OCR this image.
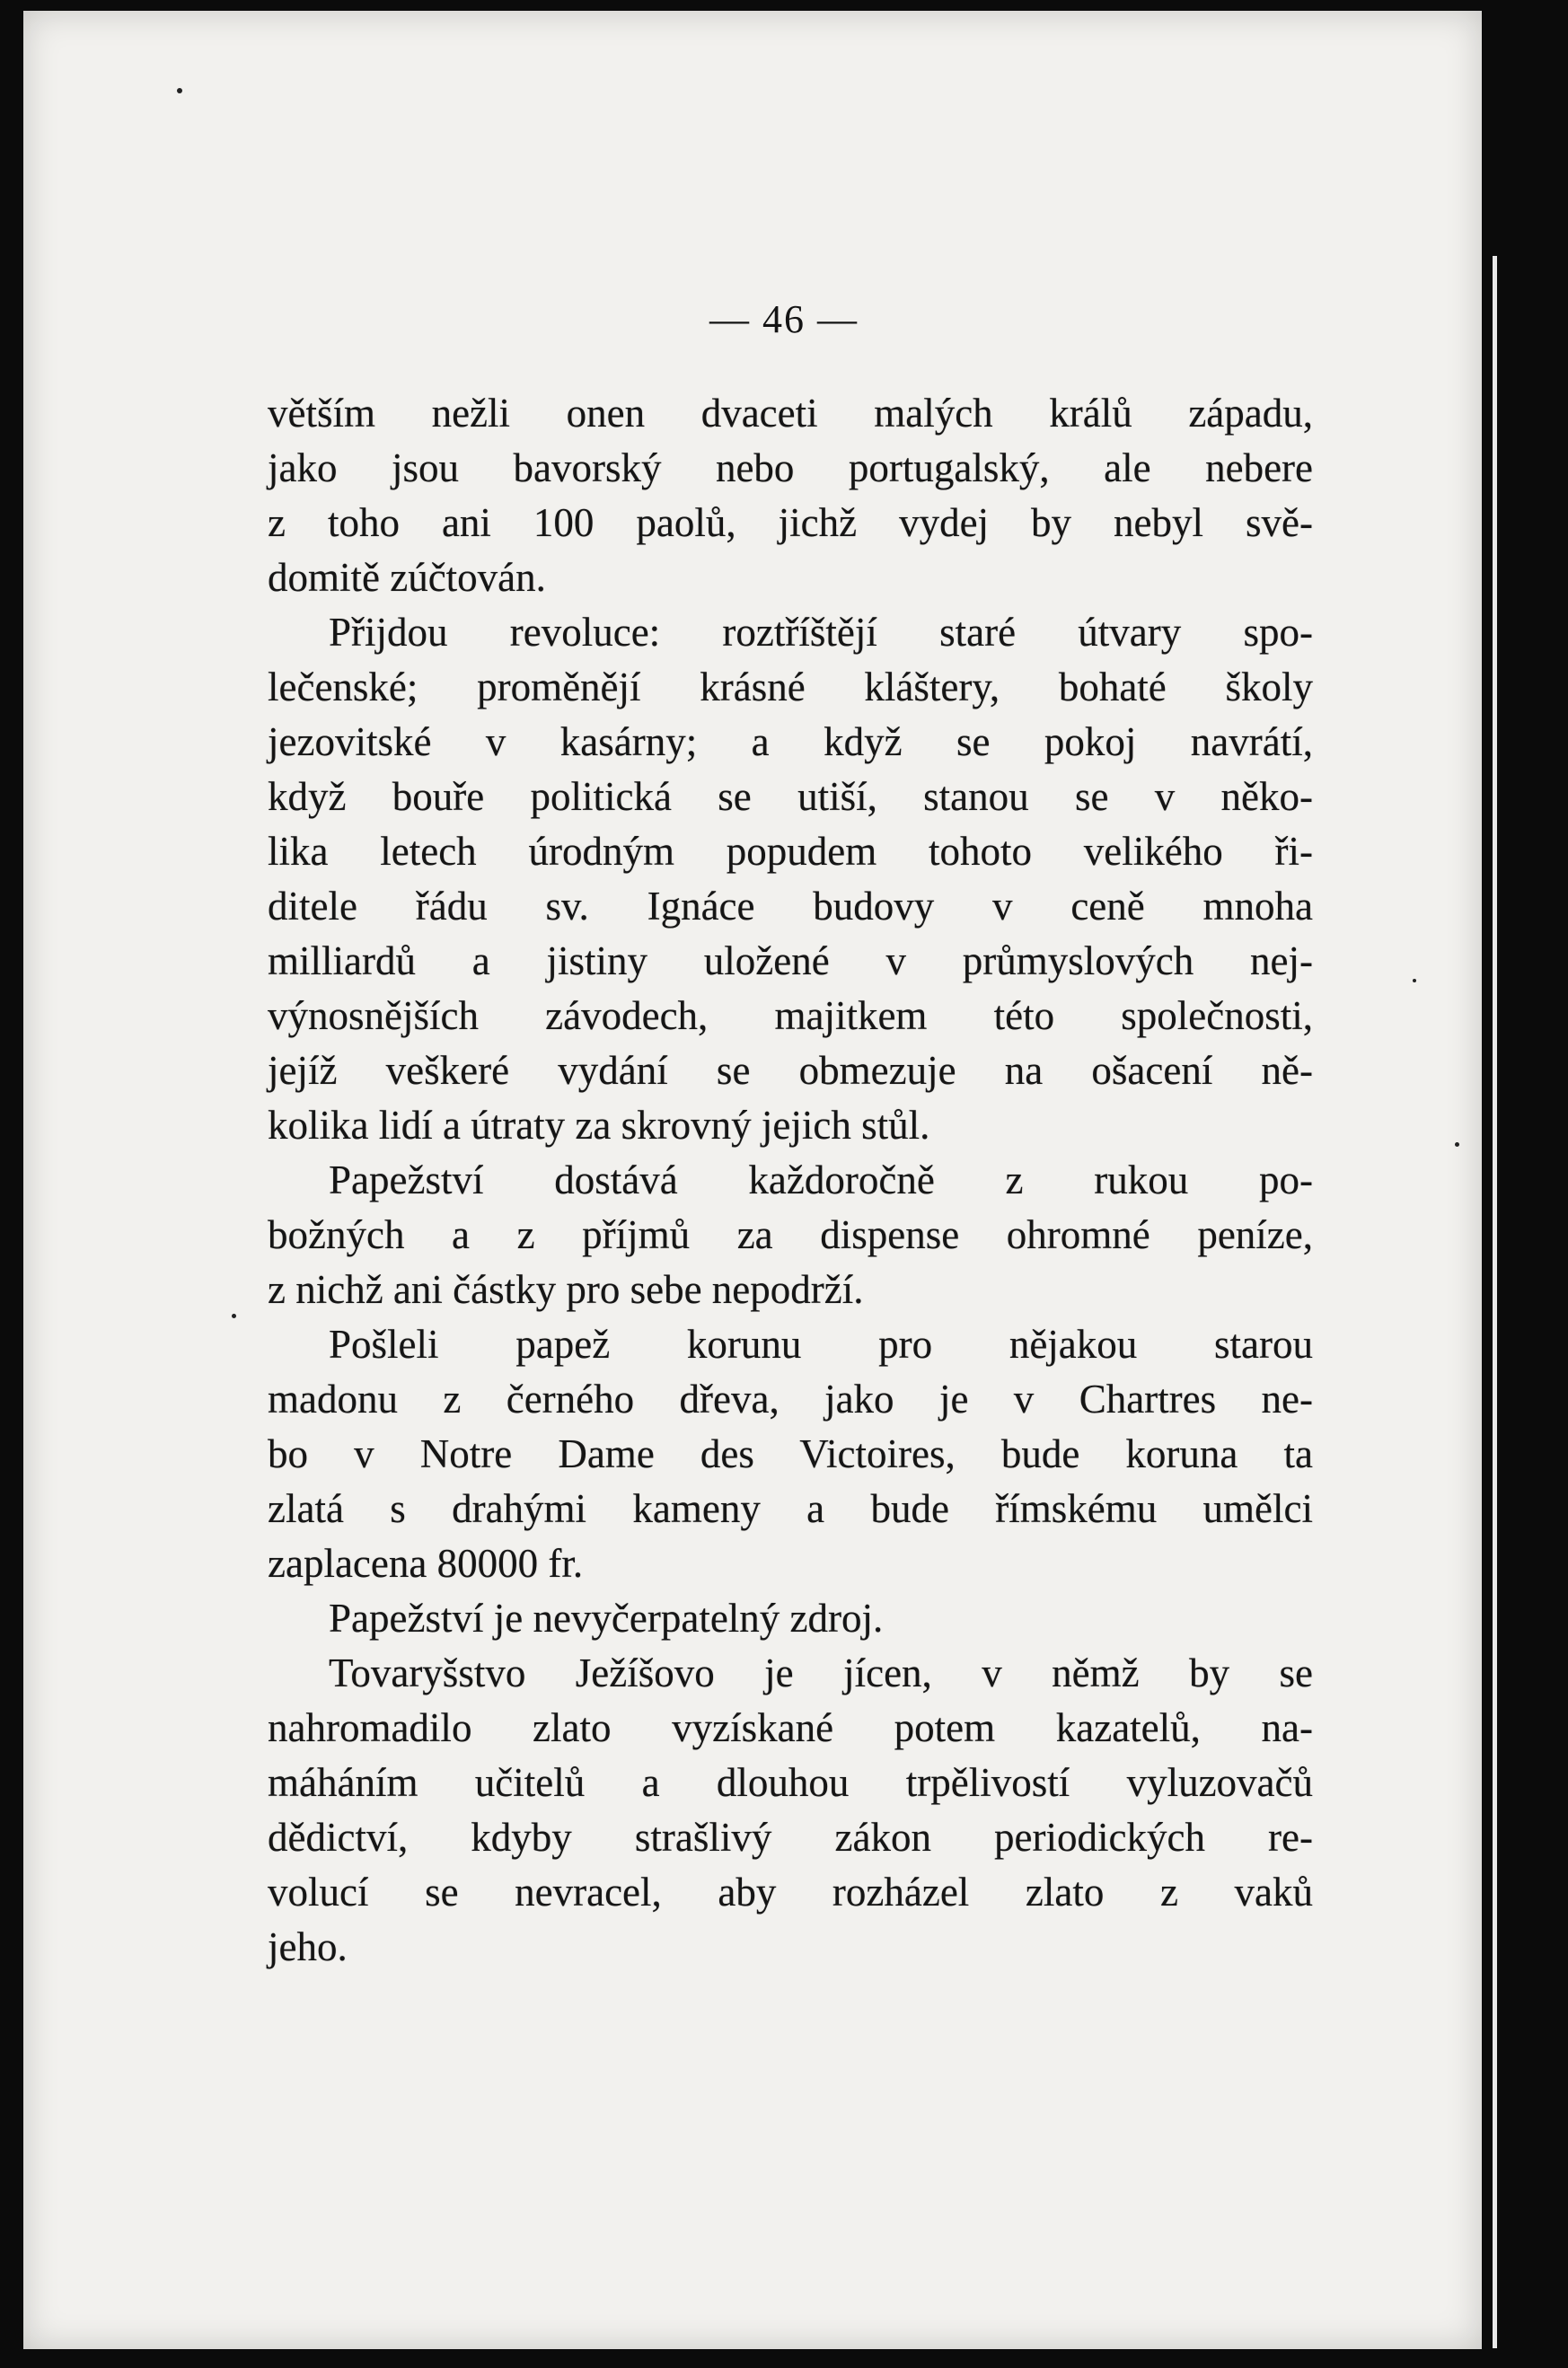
— 46 —
větším nežli onen dvaceti malých králů západu,
jako jsou bavorský nebo portugalský, ale nebere
z toho ani 100 paolů, jichž vydej by nebyl svě-
domitě zúčtován.
Přijdou revoluce: roztříštějí staré útvary spo-
lečenské; proměnějí krásné kláštery, bohaté školy
jezovitské v kasárny; a když se pokoj navrátí,
když bouře politická se utiší, stanou se v něko-
lika letech úrodným popudem tohoto velikého ři-
ditele řádu sv. Ignáce budovy v ceně mnoha
milliardů a jistiny uložené v průmyslových nej-
výnosnějších závodech, majitkem této společnosti,
jejíž veškeré vydání se obmezuje na ošacení ně-
kolika lidí a útraty za skrovný jejich stůl.
Papežství dostává každoročně z rukou po-
božných a z příjmů za dispense ohromné peníze,
z nichž ani částky pro sebe nepodrží.
Pošleli papež korunu pro nějakou starou
madonu z černého dřeva, jako je v Chartres ne-
bo v Notre Dame des Victoires, bude koruna ta
zlatá s drahými kameny a bude římskému umělci
zaplacena 80000 fr.
Papežství je nevyčerpatelný zdroj.
Tovaryšstvo Ježíšovo je jícen, v němž by se
nahromadilo zlato vyzískané potem kazatelů, na-
máháním učitelů a dlouhou trpělivostí vyluzovačů
dědictví, kdyby strašlivý zákon periodických re-
volucí se nevracel, aby rozházel zlato z vaků
jeho.
